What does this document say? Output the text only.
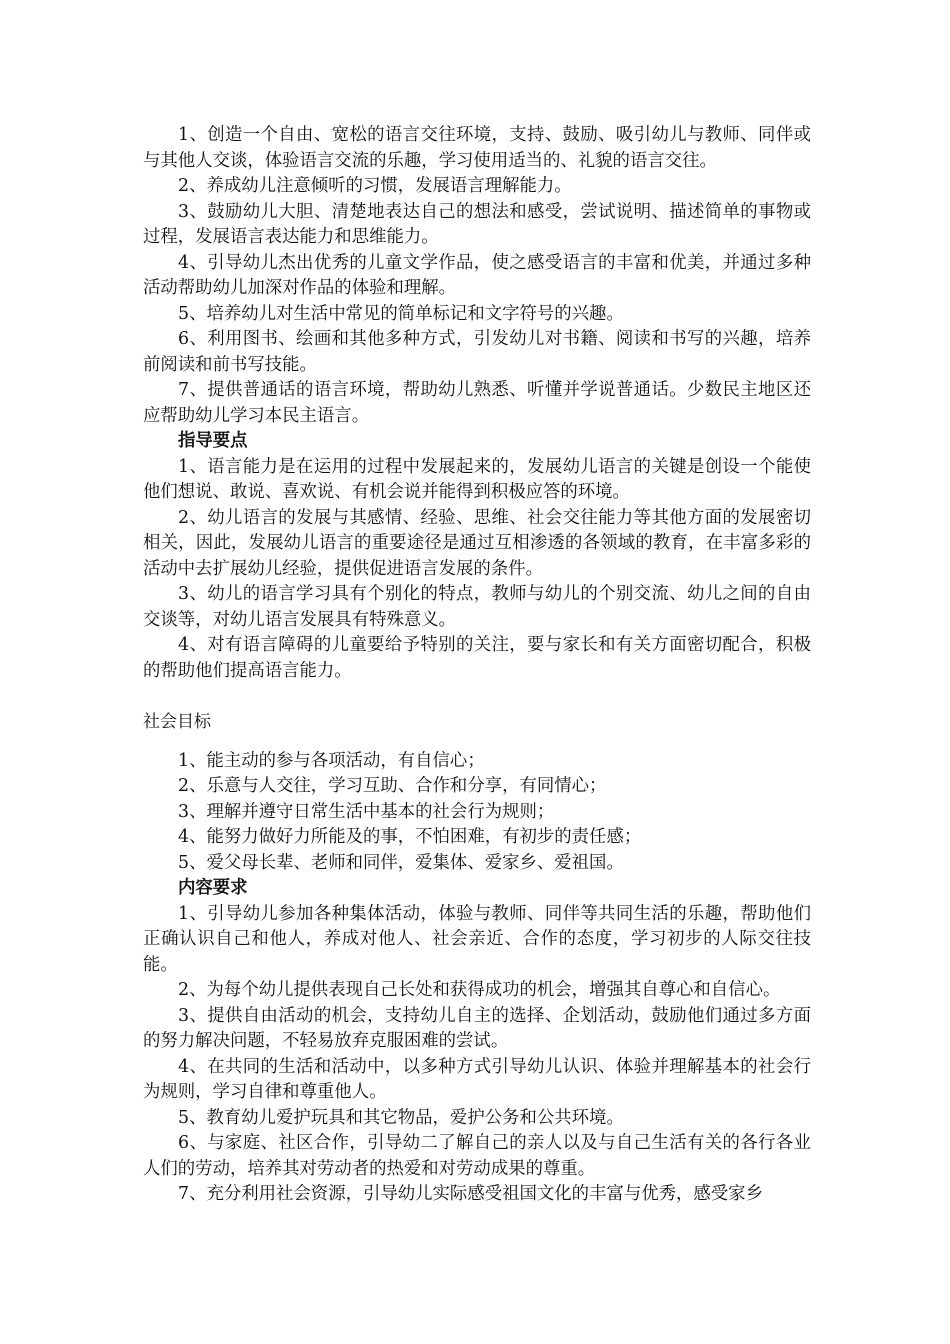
1、创造一个自由、宽松的语言交往环境，支持、鼓励、吸引幼儿与教师、同伴或与其他人交谈，体验语言交流的乐趣，学习使用适当的、礼貌的语言交往。

2、养成幼儿注意倾听的习惯，发展语言理解能力。

3、鼓励幼儿大胆、清楚地表达自己的想法和感受，尝试说明、描述简单的事物或过程，发展语言表达能力和思维能力。

4、引导幼儿杰出优秀的儿童文学作品，使之感受语言的丰富和优美，并通过多种活动帮助幼儿加深对作品的体验和理解。

5、培养幼儿对生活中常见的简单标记和文字符号的兴趣。

6、利用图书、绘画和其他多种方式，引发幼儿对书籍、阅读和书写的兴趣，培养前阅读和前书写技能。

7、提供普通话的语言环境，帮助幼儿熟悉、听懂并学说普通话。少数民主地区还应帮助幼儿学习本民主语言。

指导要点

1、语言能力是在运用的过程中发展起来的，发展幼儿语言的关键是创设一个能使他们想说、敢说、喜欢说、有机会说并能得到积极应答的环境。

2、幼儿语言的发展与其感情、经验、思维、社会交往能力等其他方面的发展密切相关，因此，发展幼儿语言的重要途径是通过互相渗透的各领域的教育，在丰富多彩的活动中去扩展幼儿经验，提供促进语言发展的条件。

3、幼儿的语言学习具有个别化的特点，教师与幼儿的个别交流、幼儿之间的自由交谈等，对幼儿语言发展具有特殊意义。

4、对有语言障碍的儿童要给予特别的关注，要与家长和有关方面密切配合，积极的帮助他们提高语言能力。

社会目标

1、能主动的参与各项活动，有自信心；

2、乐意与人交往，学习互助、合作和分享，有同情心；

3、理解并遵守日常生活中基本的社会行为规则；

4、能努力做好力所能及的事，不怕困难，有初步的责任感；

5、爱父母长辈、老师和同伴，爱集体、爱家乡、爱祖国。

内容要求

1、引导幼儿参加各种集体活动，体验与教师、同伴等共同生活的乐趣，帮助他们正确认识自己和他人，养成对他人、社会亲近、合作的态度，学习初步的人际交往技能。

2、为每个幼儿提供表现自己长处和获得成功的机会，增强其自尊心和自信心。

3、提供自由活动的机会，支持幼儿自主的选择、企划活动，鼓励他们通过多方面的努力解决问题，不轻易放弃克服困难的尝试。

4、在共同的生活和活动中，以多种方式引导幼儿认识、体验并理解基本的社会行为规则，学习自律和尊重他人。

5、教育幼儿爱护玩具和其它物品，爱护公务和公共环境。

6、与家庭、社区合作，引导幼二了解自己的亲人以及与自己生活有关的各行各业人们的劳动，培养其对劳动者的热爱和对劳动成果的尊重。

7、充分利用社会资源，引导幼儿实际感受祖国文化的丰富与优秀，感受家乡
